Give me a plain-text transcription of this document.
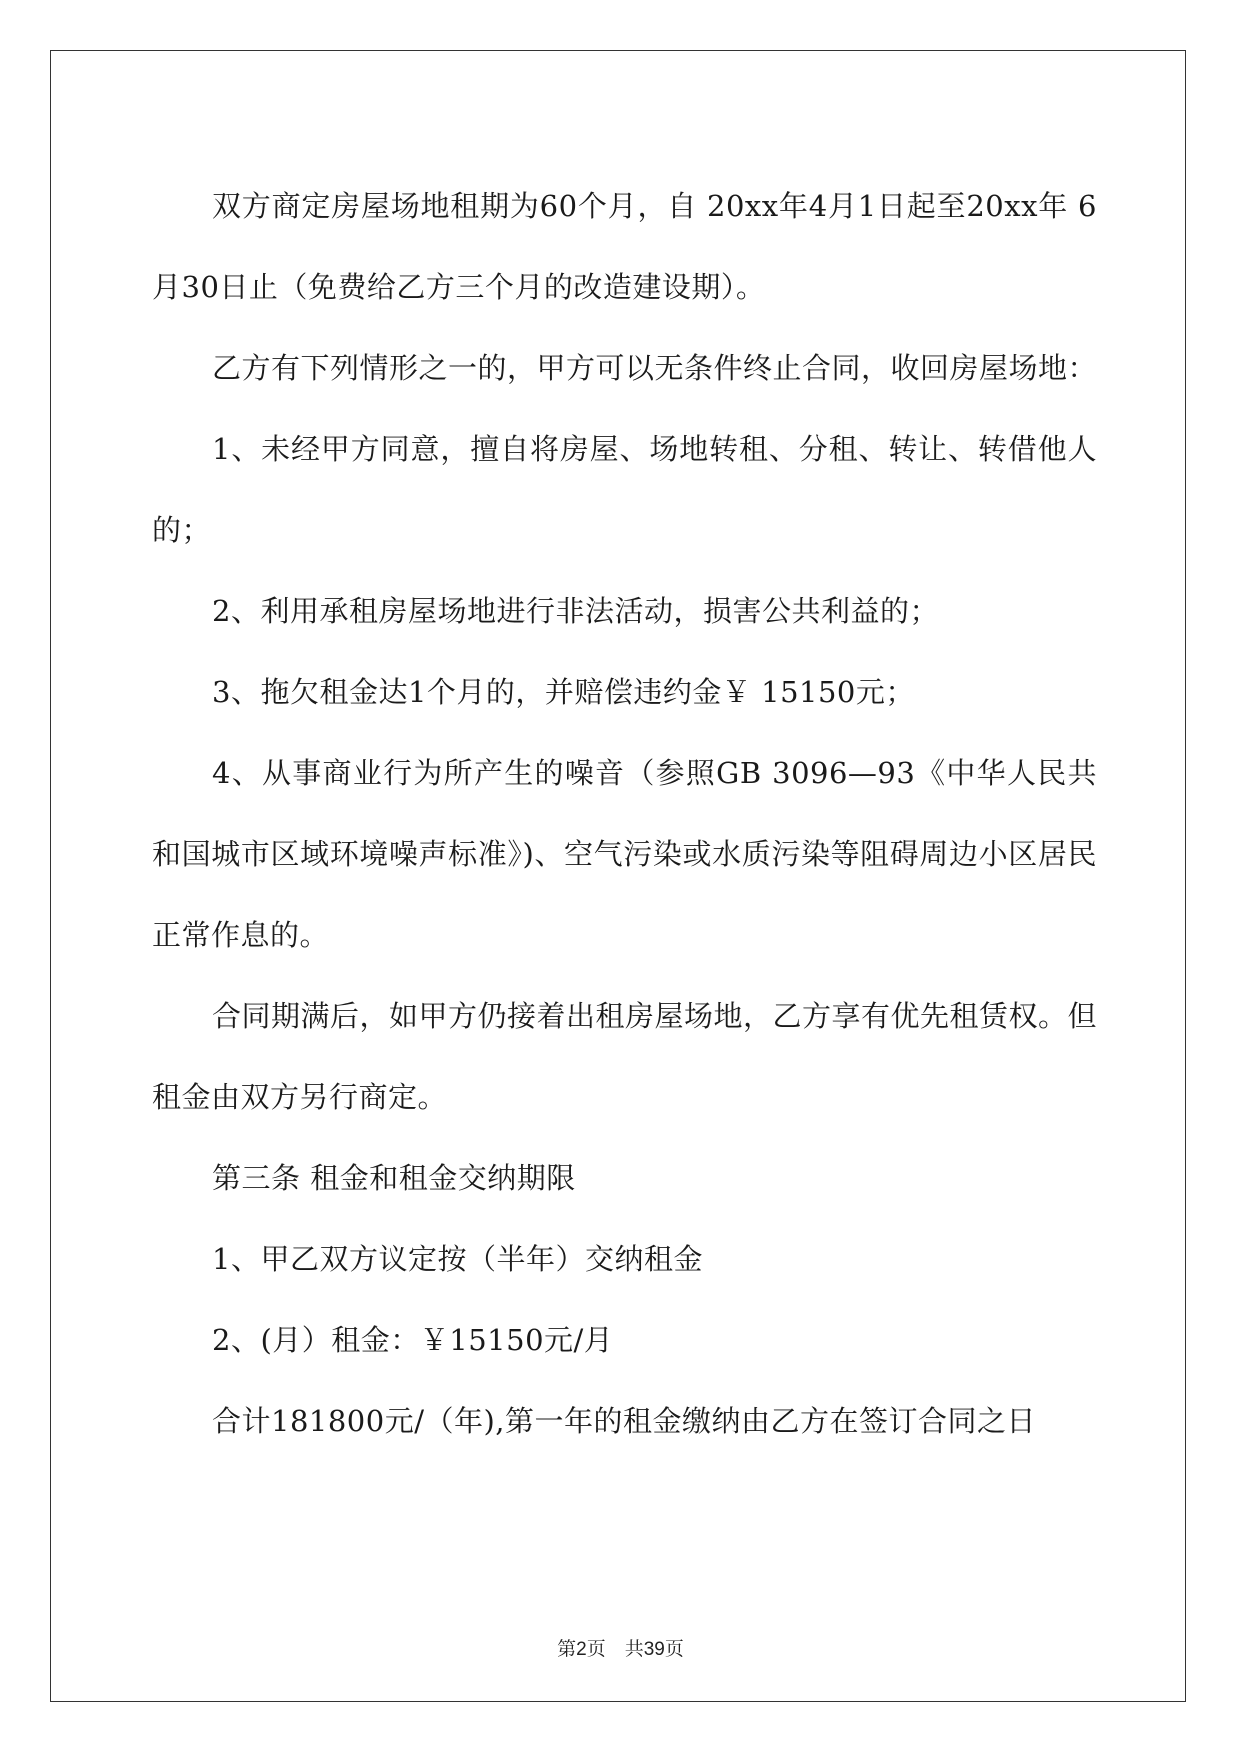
双方商定房屋场地租期为60个月，自 20xx年4月1日起至20xx年 6月30日止（免费给乙方三个月的改造建设期）。

乙方有下列情形之一的，甲方可以无条件终止合同，收回房屋场地：

1、未经甲方同意，擅自将房屋、场地转租、分租、转让、转借他人的；

2、利用承租房屋场地进行非法活动，损害公共利益的；

3、拖欠租金达1个月的，并赔偿违约金￥ 15150元；

4、从事商业行为所产生的噪音（参照GB 3096—93《中华人民共和国城市区域环境噪声标准》)、空气污染或水质污染等阻碍周边小区居民正常作息的。

合同期满后，如甲方仍接着出租房屋场地，乙方享有优先租赁权。但租金由双方另行商定。

第三条 租金和租金交纳期限

1、甲乙双方议定按（半年）交纳租金

2、(月）租金：￥15150元/月

合计181800元/（年),第一年的租金缴纳由乙方在签订合同之日

第2页　共39页
